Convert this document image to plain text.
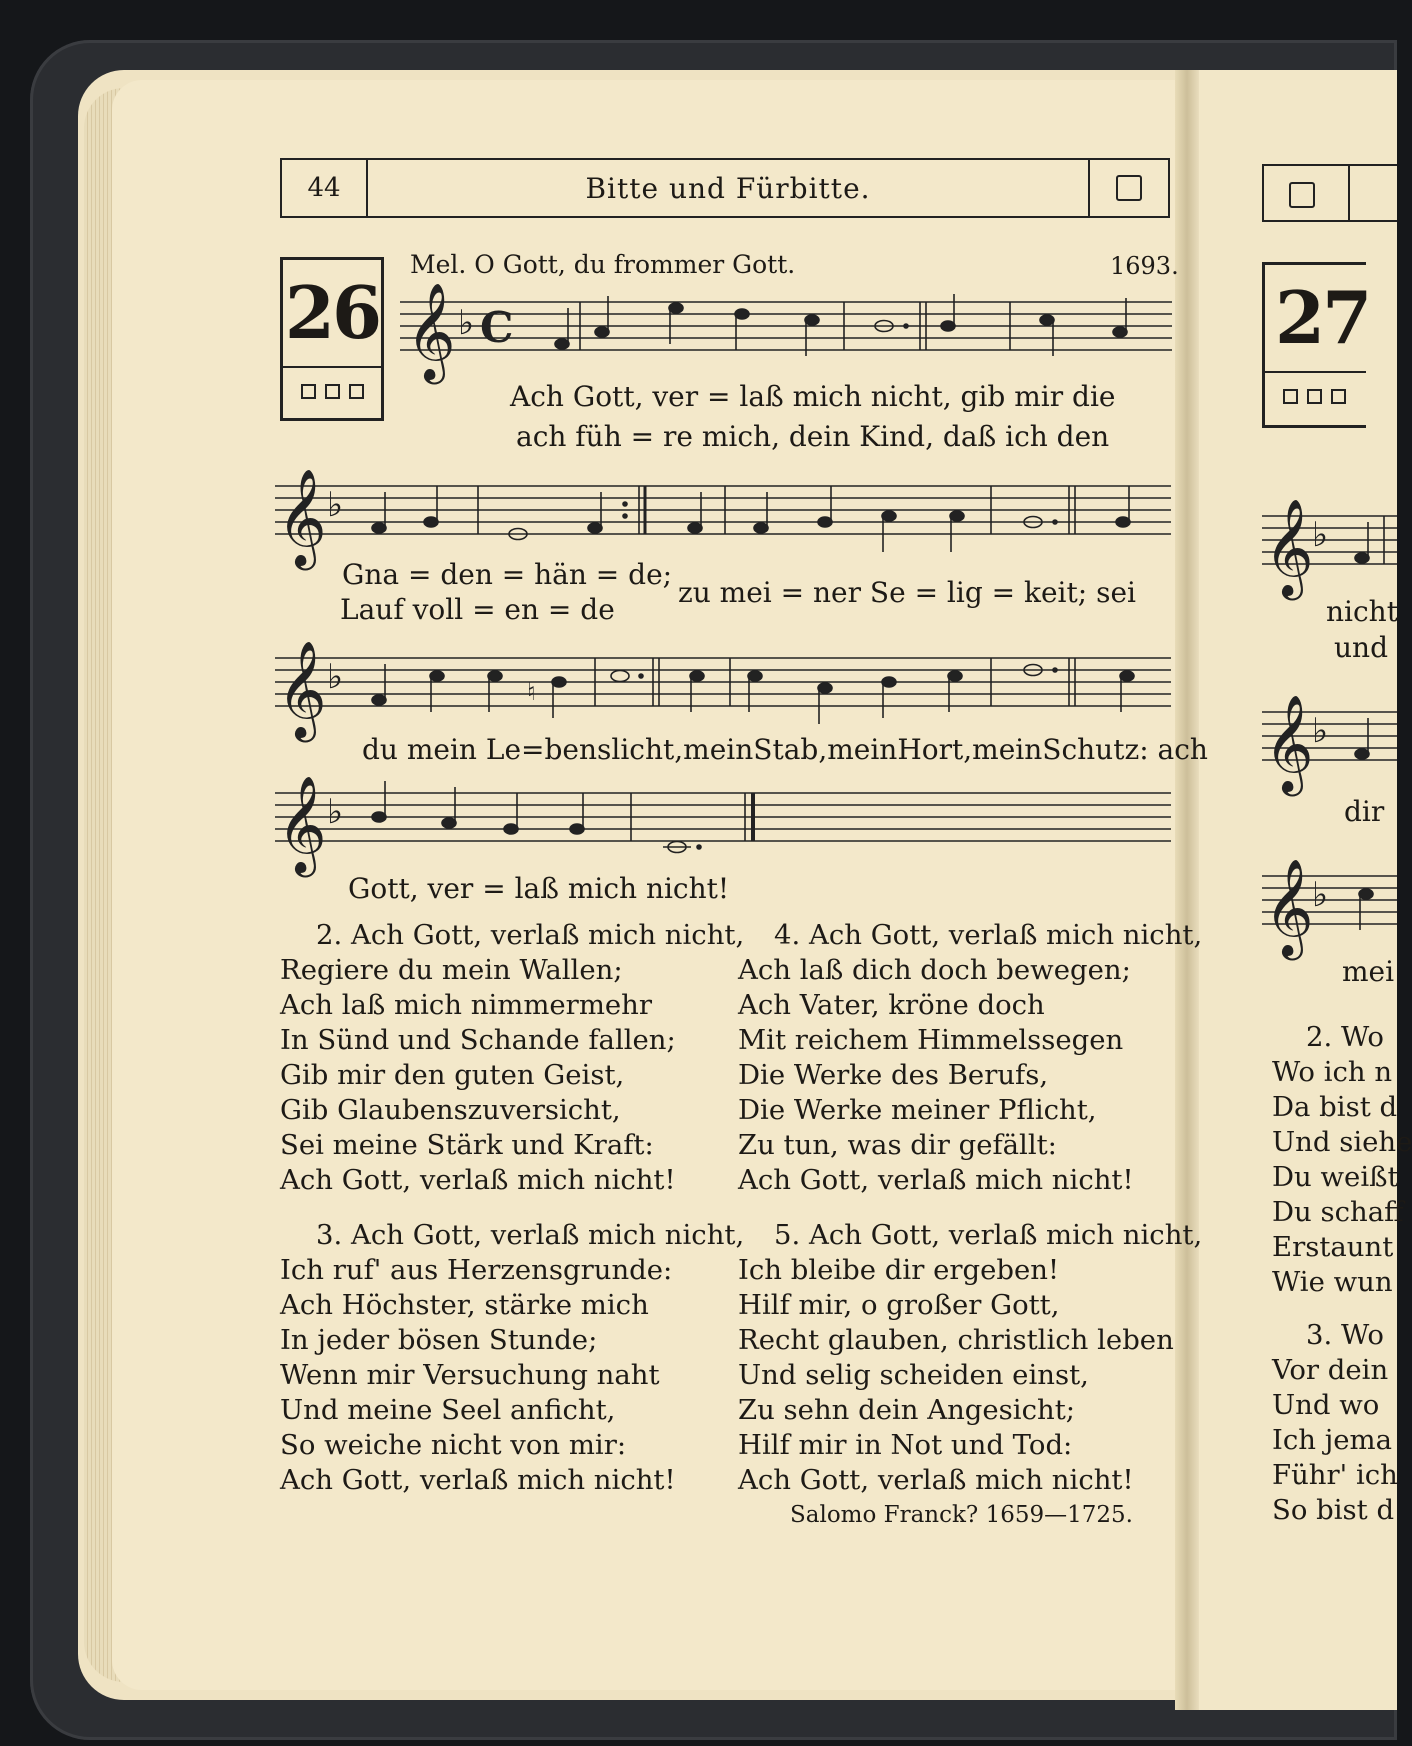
44	Bitte und Fürbitte.
26
Mel. O Gott, du frommer Gott.	1693.
𝄞 ♭ C
Ach Gott, ver = laß mich nicht, gib mir die
ach füh = re mich, dein Kind, daß ich den
𝄞 ♭
Gna = den = hän = de;
Lauf voll = en = de
zu mei = ner Se = lig = keit; sei
𝄞 ♭	♮
du mein Le=benslicht,meinStab,meinHort,meinSchutz: ach
𝄞 ♭
Gott, ver = laß mich nicht!
2. Ach Gott, verlaß mich nicht,
Regiere du mein Wallen;
Ach laß mich nimmermehr
In Sünd und Schande fallen;
Gib mir den guten Geist,
Gib Glaubenszuversicht,
Sei meine Stärk und Kraft:
Ach Gott, verlaß mich nicht!
3. Ach Gott, verlaß mich nicht,
Ich ruf' aus Herzensgrunde:
Ach Höchster, stärke mich
In jeder bösen Stunde;
Wenn mir Versuchung naht
Und meine Seel anficht,
So weiche nicht von mir:
Ach Gott, verlaß mich nicht!
4. Ach Gott, verlaß mich nicht,
Ach laß dich doch bewegen;
Ach Vater, kröne doch
Mit reichem Himmelssegen
Die Werke des Berufs,
Die Werke meiner Pflicht,
Zu tun, was dir gefällt:
Ach Gott, verlaß mich nicht!
5. Ach Gott, verlaß mich nicht,
Ich bleibe dir ergeben!
Hilf mir, o großer Gott,
Recht glauben, christlich leben
Und selig scheiden einst,
Zu sehn dein Angesicht;
Hilf mir in Not und Tod:
Ach Gott, verlaß mich nicht!
Salomo Franck? 1659—1725.
27
𝄞
♭
nicht
und
𝄞
♭
dir
𝄞
♭
mei
2. Wo
Wo ich n
Da bist d
Und siehe
Du weißt
Du schaff
Erstaunt
Wie wun
3. Wo
Vor dein
Und wo
Ich jema
Führ' ich
So bist d
